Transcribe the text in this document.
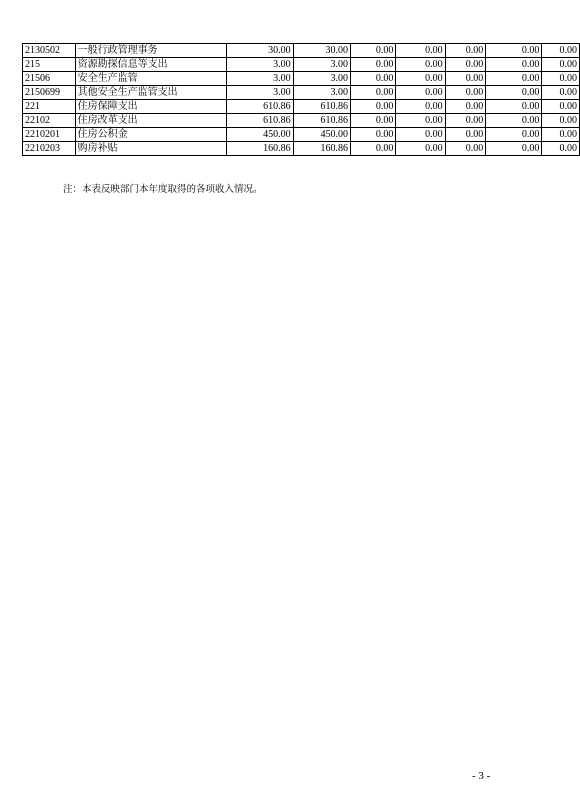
2130502	一般行政管理事务	30.00	30.00	0.00	0.00	0.00	0.00	0.00
215	资源勘探信息等支出	3.00	3.00	0.00	0.00	0.00	0.00	0.00
21506	安全生产监管	3.00	3.00	0.00	0.00	0.00	0.00	0.00
2150699	其他安全生产监管支出	3.00	3.00	0.00	0.00	0.00	0.00	0.00
221	住房保障支出	610.86	610.86	0.00	0.00	0.00	0.00	0.00
22102	住房改革支出	610.86	610.86	0.00	0.00	0.00	0.00	0.00
2210201	住房公积金	450.00	450.00	0.00	0.00	0.00	0.00	0.00
2210203	购房补贴	160.86	160.86	0.00	0.00	0.00	0.00	0.00
注：本表反映部门本年度取得的各项收入情况。
- 3 -
